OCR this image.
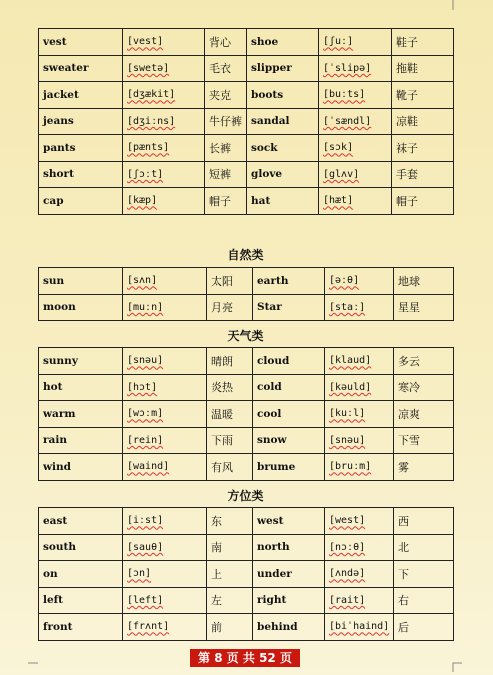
vest	[vest]	背心	shoe	[ʃuː]	鞋子
sweater	[swetə]	毛衣	slipper	[ˈslipə]	拖鞋
jacket	[dʒækit]	夹克	boots	[buːts]	靴子
jeans	[dʒiːns]	牛仔裤	sandal	[ˈsændl]	凉鞋
pants	[pænts]	长裤	sock	[sɔk]	袜子
short	[ʃɔːt]	短裤	glove	[glʌv]	手套
cap	[kæp]	帽子	hat	[hæt]	帽子
自然类
sun	[sʌn]	太阳	earth	[əːθ]	地球
moon	[muːn]	月亮	Star	[staː]	星星
天气类
sunny	[snəu]	晴朗	cloud	[klaud]	多云
hot	[hɔt]	炎热	cold	[kəuld]	寒冷
warm	[wɔːm]	温暖	cool	[kuːl]	凉爽
rain	[rein]	下雨	snow	[snəu]	下雪
wind	[waind]	有风	brume	[bruːm]	雾
方位类
east	[iːst]	东	west	[west]	西
south	[sauθ]	南	north	[nɔːθ]	北
on	[ɔn]	上	under	[ʌndə]	下
left	[left]	左	right	[rait]	右
front	[frʌnt]	前	behind	[biˈhaind]	后
第 8 页 共 52 页
